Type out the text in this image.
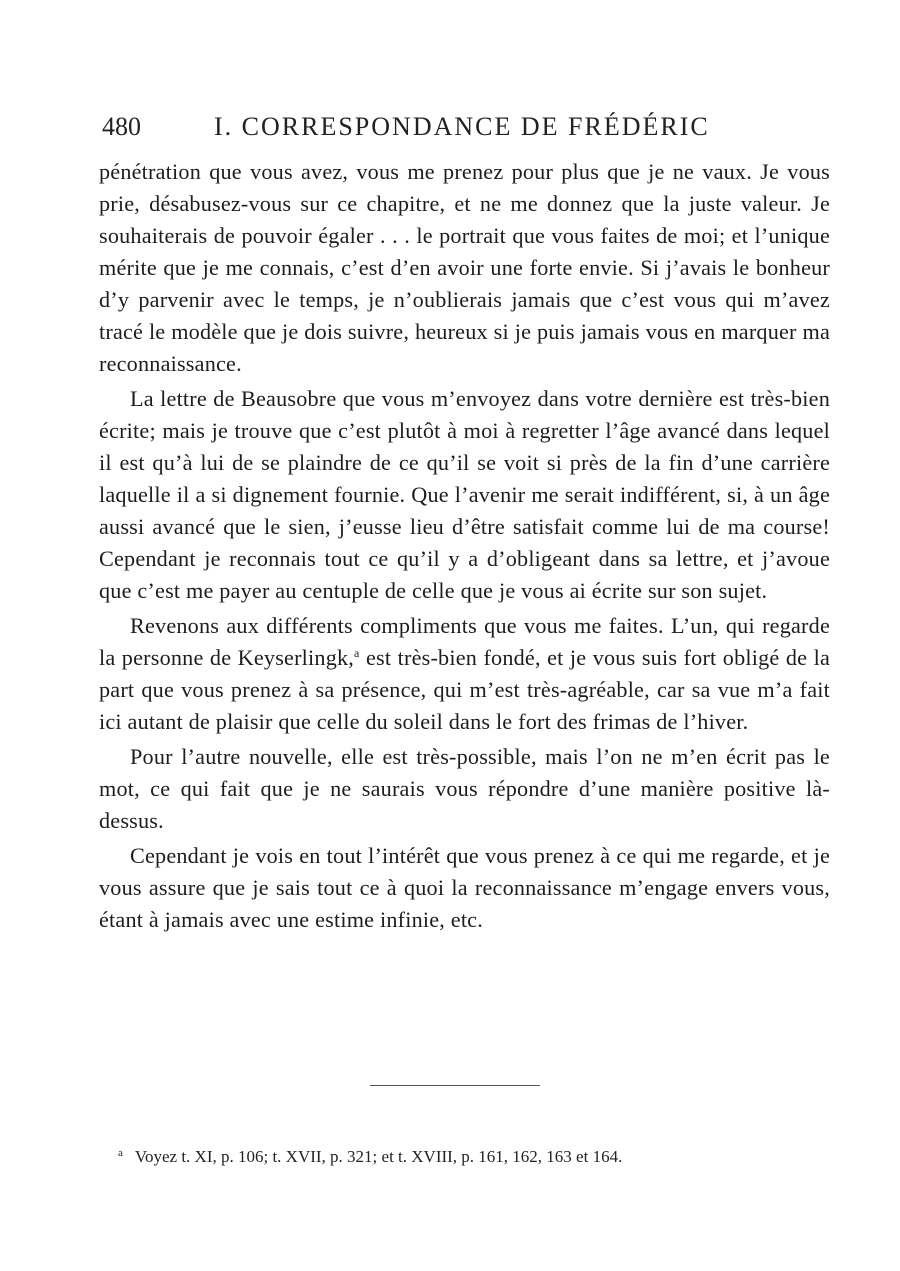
480	I. CORRESPONDANCE DE FRÉDÉRIC

pénétration que vous avez, vous me prenez pour plus que je ne vaux. Je vous prie, désabusez-vous sur ce chapitre, et ne me donnez que la juste valeur. Je souhaiterais de pouvoir égaler . . . le portrait que vous faites de moi; et l’unique mérite que je me connais, c’est d’en avoir une forte envie. Si j’avais le bonheur d’y parvenir avec le temps, je n’oublierais jamais que c’est vous qui m’avez tracé le modèle que je dois suivre, heureux si je puis jamais vous en marquer ma reconnaissance.

La lettre de Beausobre que vous m’envoyez dans votre dernière est très-bien écrite; mais je trouve que c’est plutôt à moi à regretter l’âge avancé dans lequel il est qu’à lui de se plaindre de ce qu’il se voit si près de la fin d’une carrière laquelle il a si dignement fournie. Que l’avenir me serait indifférent, si, à un âge aussi avancé que le sien, j’eusse lieu d’être satisfait comme lui de ma course! Cependant je reconnais tout ce qu’il y a d’obligeant dans sa lettre, et j’avoue que c’est me payer au centuple de celle que je vous ai écrite sur son sujet.

Revenons aux différents compliments que vous me faites. L’un, qui regarde la personne de Keyserlingk,$^a$ est très-bien fondé, et je vous suis fort obligé de la part que vous prenez à sa présence, qui m’est très-agréable, car sa vue m’a fait ici autant de plaisir que celle du soleil dans le fort des frimas de l’hiver.

Pour l’autre nouvelle, elle est très-possible, mais l’on ne m’en écrit pas le mot, ce qui fait que je ne saurais vous répondre d’une manière positive là-dessus.

Cependant je vois en tout l’intérêt que vous prenez à ce qui me regarde, et je vous assure que je sais tout ce à quoi la reconnaissance m’engage envers vous, étant à jamais avec une estime infinie, etc.

$^a$ Voyez t. XI, p. 106; t. XVII, p. 321; et t. XVIII, p. 161, 162, 163 et 164.
